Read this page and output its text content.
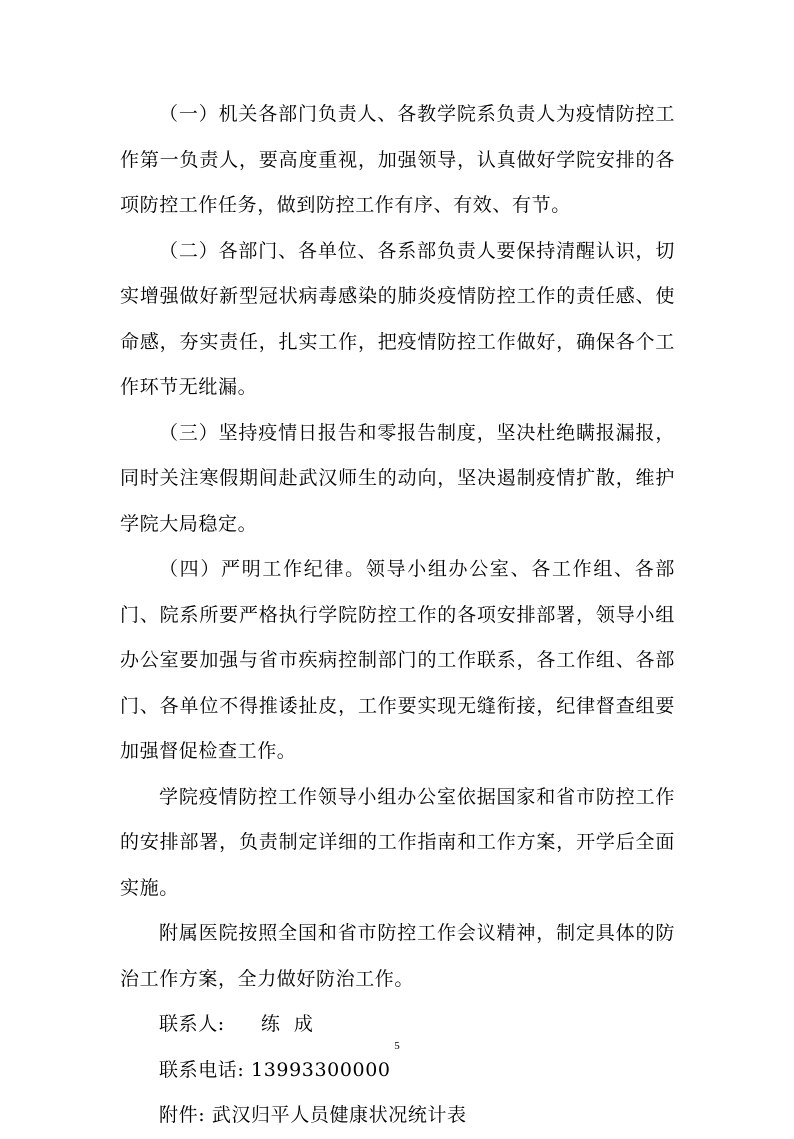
（一）机关各部门负责人、各教学院系负责人为疫情防控工作第一负责人，要高度重视，加强领导，认真做好学院安排的各项防控工作任务，做到防控工作有序、有效、有节。

（二）各部门、各单位、各系部负责人要保持清醒认识，切实增强做好新型冠状病毒感染的肺炎疫情防控工作的责任感、使命感，夯实责任，扎实工作，把疫情防控工作做好，确保各个工作环节无纰漏。

（三）坚持疫情日报告和零报告制度，坚决杜绝瞒报漏报，同时关注寒假期间赴武汉师生的动向，坚决遏制疫情扩散，维护学院大局稳定。

（四）严明工作纪律。领导小组办公室、各工作组、各部门、院系所要严格执行学院防控工作的各项安排部署，领导小组办公室要加强与省市疾病控制部门的工作联系，各工作组、各部门、各单位不得推诿扯皮，工作要实现无缝衔接，纪律督查组要加强督促检查工作。

学院疫情防控工作领导小组办公室依据国家和省市防控工作的安排部署，负责制定详细的工作指南和工作方案，开学后全面实施。

附属医院按照全国和省市防控工作会议精神，制定具体的防治工作方案，全力做好防治工作。

联系人: 练成

联系电话: 13993300000

附件: 武汉归平人员健康状况统计表

5
